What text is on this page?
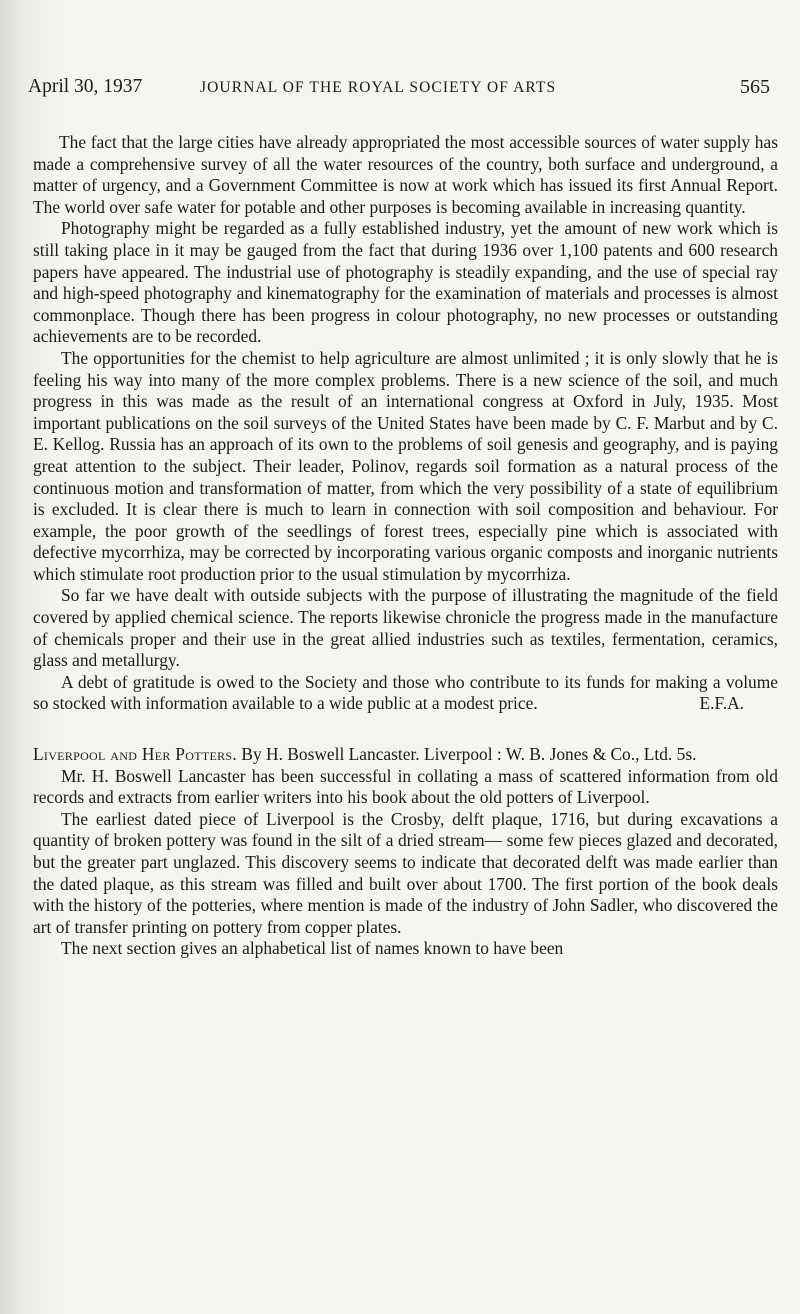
April 30, 1937	JOURNAL OF THE ROYAL SOCIETY OF ARTS	565

The fact that the large cities have already appropriated the most accessible sources of water supply has made a comprehensive survey of all the water resources of the country, both surface and underground, a matter of urgency, and a Government Committee is now at work which has issued its first Annual Report. The world over safe water for potable and other purposes is becoming available in increasing quantity.

Photography might be regarded as a fully established industry, yet the amount of new work which is still taking place in it may be gauged from the fact that during 1936 over 1,100 patents and 600 research papers have appeared. The industrial use of photography is steadily expanding, and the use of special ray and high-speed photography and kinematography for the examination of materials and processes is almost commonplace. Though there has been progress in colour photography, no new processes or outstanding achievements are to be recorded.

The opportunities for the chemist to help agriculture are almost unlimited ; it is only slowly that he is feeling his way into many of the more complex problems. There is a new science of the soil, and much progress in this was made as the result of an international congress at Oxford in July, 1935. Most important publications on the soil surveys of the United States have been made by C. F. Marbut and by C. E. Kellog. Russia has an approach of its own to the problems of soil genesis and geography, and is paying great attention to the subject. Their leader, Polinov, regards soil formation as a natural process of the continuous motion and transformation of matter, from which the very possibility of a state of equilibrium is excluded. It is clear there is much to learn in connection with soil composition and behaviour. For example, the poor growth of the seedlings of forest trees, especially pine which is associated with defective mycorrhiza, may be corrected by incorporating various organic composts and inorganic nutrients which stimulate root production prior to the usual stimulation by mycorrhiza.

So far we have dealt with outside subjects with the purpose of illustrating the magnitude of the field covered by applied chemical science. The reports likewise chronicle the progress made in the manufacture of chemicals proper and their use in the great allied industries such as textiles, fermentation, ceramics, glass and metallurgy.

A debt of gratitude is owed to the Society and those who contribute to its funds for making a volume so stocked with information available to a wide public at a modest price.	E.F.A.

Liverpool and Her Potters. By H. Boswell Lancaster. Liverpool : W. B. Jones & Co., Ltd. 5s.

Mr. H. Boswell Lancaster has been successful in collating a mass of scattered information from old records and extracts from earlier writers into his book about the old potters of Liverpool.

The earliest dated piece of Liverpool is the Crosby, delft plaque, 1716, but during excavations a quantity of broken pottery was found in the silt of a dried stream— some few pieces glazed and decorated, but the greater part unglazed. This discovery seems to indicate that decorated delft was made earlier than the dated plaque, as this stream was filled and built over about 1700. The first portion of the book deals with the history of the potteries, where mention is made of the industry of John Sadler, who discovered the art of transfer printing on pottery from copper plates.

The next section gives an alphabetical list of names known to have been
